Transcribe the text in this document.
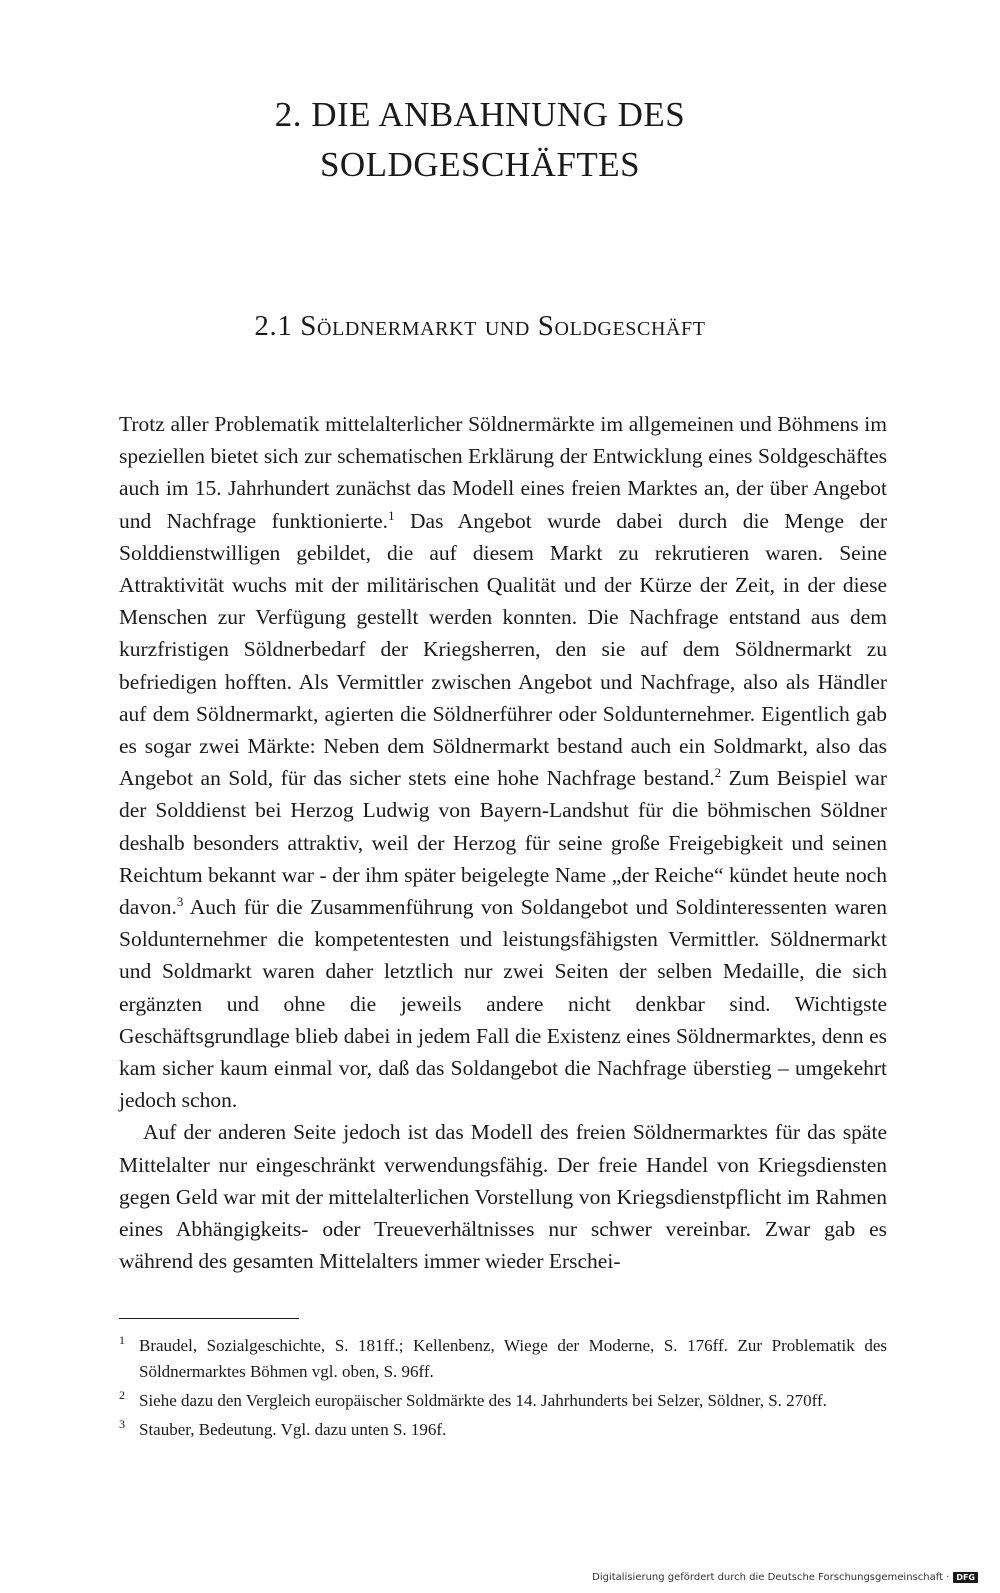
2. DIE ANBAHNUNG DES
SOLDGESCHÄFTES
2.1 Söldnermarkt und Soldgeschäft

Trotz aller Problematik mittelalterlicher Söldnermärkte im allgemeinen und Böhmens im speziellen bietet sich zur schematischen Erklärung der Entwicklung eines Soldgeschäftes auch im 15. Jahrhundert zunächst das Modell eines freien Marktes an, der über Angebot und Nachfrage funktionierte.$^1$ Das Angebot wurde dabei durch die Menge der Solddienstwilligen gebildet, die auf diesem Markt zu rekrutieren waren. Seine Attraktivität wuchs mit der militärischen Qualität und der Kürze der Zeit, in der diese Menschen zur Verfügung gestellt werden konnten. Die Nachfrage entstand aus dem kurzfristigen Söldnerbedarf der Kriegsherren, den sie auf dem Söldnermarkt zu befriedigen hofften. Als Vermittler zwischen Angebot und Nachfrage, also als Händler auf dem Söldnermarkt, agierten die Söldnerführer oder Soldunternehmer. Eigentlich gab es sogar zwei Märkte: Neben dem Söldnermarkt bestand auch ein Soldmarkt, also das Angebot an Sold, für das sicher stets eine hohe Nachfrage bestand.$^2$ Zum Beispiel war der Solddienst bei Herzog Ludwig von Bayern-Landshut für die böhmischen Söldner deshalb besonders attraktiv, weil der Herzog für seine große Freigebigkeit und seinen Reichtum bekannt war - der ihm später beigelegte Name „der Reiche“ kündet heute noch davon.$^3$ Auch für die Zusammenführung von Soldangebot und Soldinteressenten waren Soldunternehmer die kompetentesten und leistungsfähigsten Vermittler. Söldnermarkt und Soldmarkt waren daher letztlich nur zwei Seiten der selben Medaille, die sich ergänzten und ohne die jeweils andere nicht denkbar sind. Wichtigste Geschäftsgrundlage blieb dabei in jedem Fall die Existenz eines Söldnermarktes, denn es kam sicher kaum einmal vor, daß das Soldangebot die Nachfrage überstieg – umgekehrt jedoch schon.

Auf der anderen Seite jedoch ist das Modell des freien Söldnermarktes für das späte Mittelalter nur eingeschränkt verwendungsfähig. Der freie Handel von Kriegsdiensten gegen Geld war mit der mittelalterlichen Vorstellung von Kriegsdienstpflicht im Rahmen eines Abhängigkeits- oder Treueverhältnisses nur schwer vereinbar. Zwar gab es während des gesamten Mittelalters immer wieder Erschei-

1 Braudel, Sozialgeschichte, S. 181ff.; Kellenbenz, Wiege der Moderne, S. 176ff. Zur Problematik des Söldnermarktes Böhmen vgl. oben, S. 96ff.

2 Siehe dazu den Vergleich europäischer Soldmärkte des 14. Jahrhunderts bei Selzer, Söldner, S. 270ff.

3 Stauber, Bedeutung. Vgl. dazu unten S. 196f.

Digitalisierung gefördert durch die Deutsche Forschungsgemeinschaft · DFG
